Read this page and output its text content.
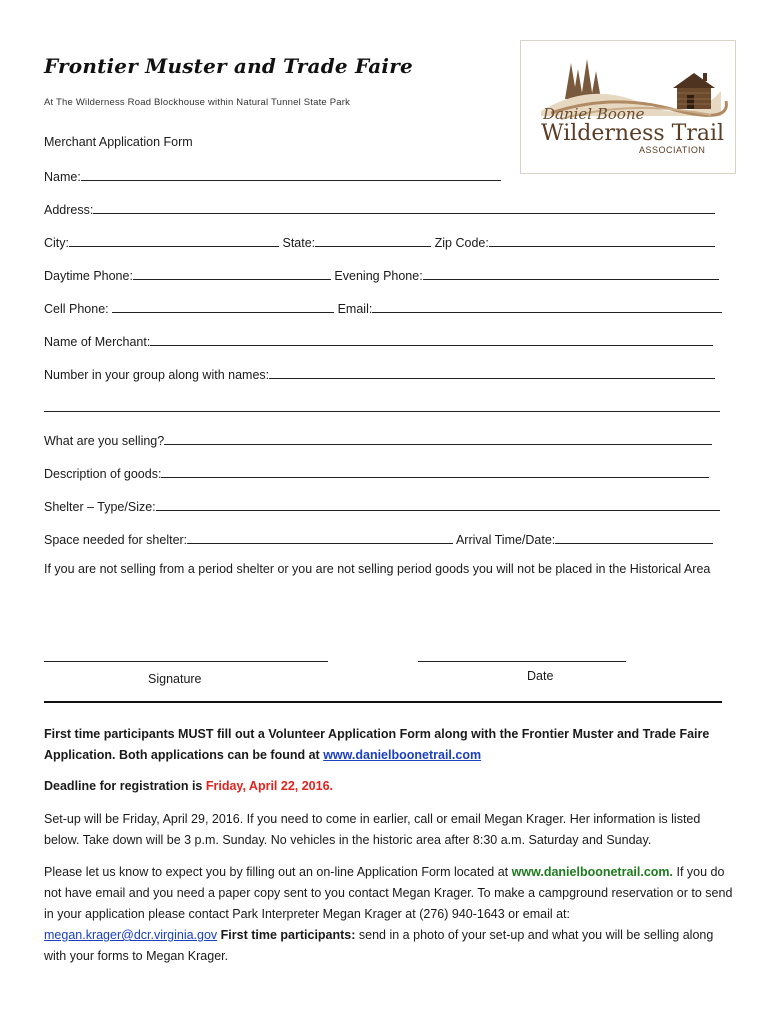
Frontier Muster and Trade Faire
At The Wilderness Road Blockhouse within Natural Tunnel State Park
Daniel Boone
Wilderness Trail
ASSOCIATION
Merchant Application Form
Name:
Address:
City:	State:	Zip Code:
Daytime Phone:	Evening Phone:
Cell Phone:	Email:
Name of Merchant:
Number in your group along with names:
What are you selling?
Description of goods:
Shelter – Type/Size:
Space needed for shelter:	Arrival Time/Date:
If you are not selling from a period shelter or you are not selling period goods you will not be placed in the Historical Area
Signature	Date
First time participants MUST fill out a Volunteer Application Form along with the Frontier Muster and Trade Faire Application. Both applications can be found at www.danielboonetrail.com
Deadline for registration is Friday, April 22, 2016.
Set-up will be Friday, April 29, 2016. If you need to come in earlier, call or email Megan Krager. Her information is listed below. Take down will be 3 p.m. Sunday. No vehicles in the historic area after 8:30 a.m. Saturday and Sunday.
Please let us know to expect you by filling out an on-line Application Form located at www.danielboonetrail.com. If you do not have email and you need a paper copy sent to you contact Megan Krager. To make a campground reservation or to send in your application please contact Park Interpreter Megan Krager at (276) 940-1643 or email at: megan.krager@dcr.virginia.gov First time participants: send in a photo of your set-up and what you will be selling along with your forms to Megan Krager.
